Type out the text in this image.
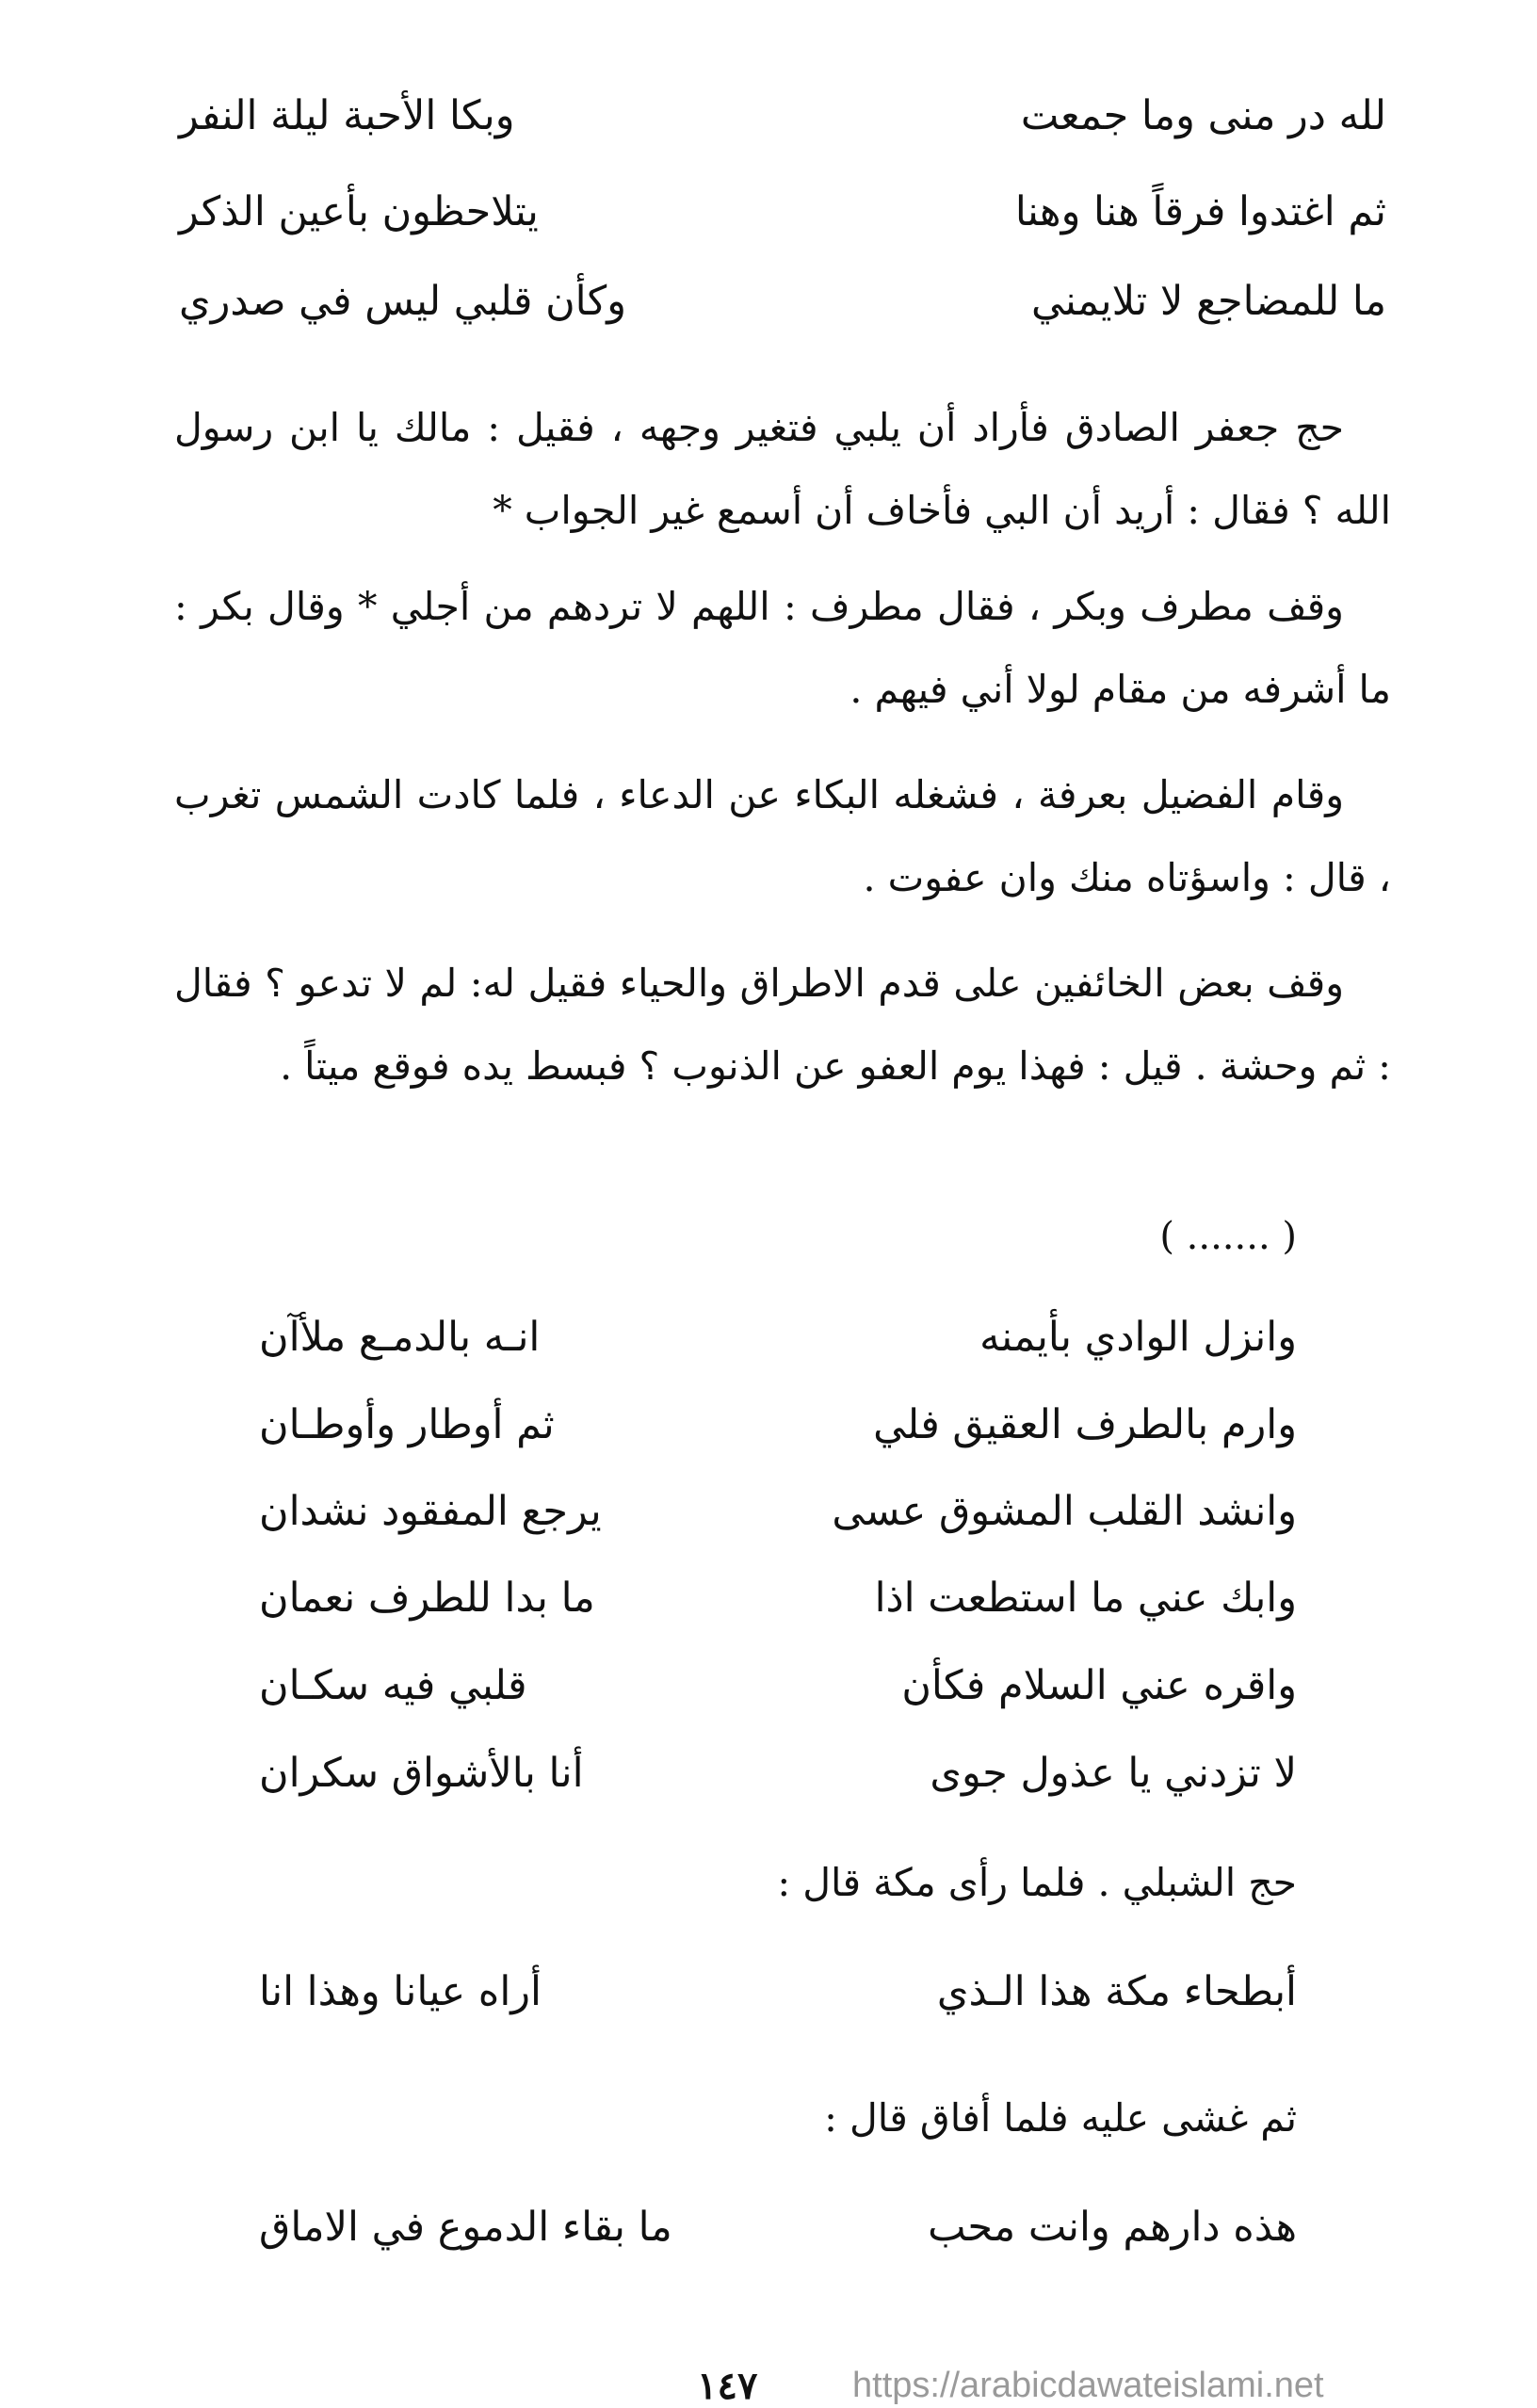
لله در منى وما جمعت
وبكا الأحبة ليلة النفر
ثم اغتدوا فرقاً هنا وهنا
يتلاحظون بأعين الذكر
ما للمضاجع لا تلايمني
وكأن قلبي ليس في صدري

حج جعفر الصادق فأراد أن يلبي فتغير وجهه ، فقيل : مالك يا ابن رسول الله ؟ فقال : أريد أن البي فأخاف أن أسمع غير الجواب *

وقف مطرف وبكر ، فقال مطرف : اللهم لا تردهم من أجلي * وقال بكر : ما أشرفه من مقام لولا أني فيهم .

وقام الفضيل بعرفة ، فشغله البكاء عن الدعاء ، فلما كادت الشمس تغرب ، قال : واسؤتاه منك وان عفوت .

وقف بعض الخائفين على قدم الاطراق والحياء فقيل له: لم لا تدعو ؟ فقال : ثم وحشة . قيل : فهذا يوم العفو عن الذنوب ؟ فبسط يده فوقع ميتاً .

( ....... )
وانزل الوادي بأيمنه
انـه بالدمـع ملأآن
وارم بالطرف العقيق فلي
ثم أوطار وأوطـان
وانشد القلب المشوق عسى
يرجع المفقود نشدان
وابك عني ما استطعت اذا
ما بدا للطرف نعمان
واقره عني السلام فكأن
قلبي فيه سكـان
لا تزدني يا عذول جوى
أنا بالأشواق سكران
حج الشبلي . فلما رأى مكة قال :
أبطحاء مكة هذا الـذي
أراه عيانا وهذا انا
ثم غشى عليه فلما أفاق قال :
هذه دارهم وانت محب
ما بقاء الدموع في الاماق
١٤٧	https://arabicdawateislami.net
